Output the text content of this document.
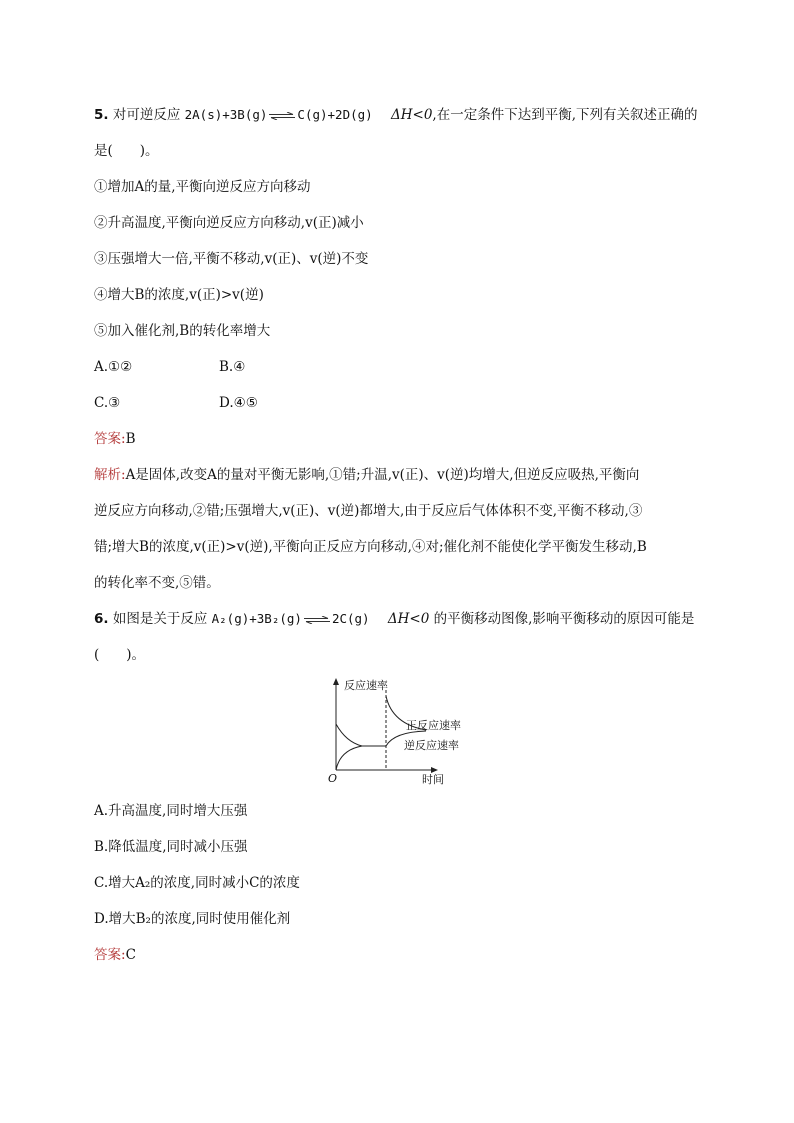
5. 对可逆反应 2A(s)+3B(g) ⇌ C(g)+2D(g) ΔH<0,在一定条件下达到平衡,下列有关叙述正确的
是(　　)。
①增加A的量,平衡向逆反应方向移动
②升高温度,平衡向逆反应方向移动,v(正)减小
③压强增大一倍,平衡不移动,v(正)、v(逆)不变
④增大B的浓度,v(正)>v(逆)
⑤加入催化剂,B的转化率增大
A.①②	B.④
C.③	D.④⑤
答案:B
解析:A是固体,改变A的量对平衡无影响,①错;升温,v(正)、v(逆)均增大,但逆反应吸热,平衡向
逆反应方向移动,②错;压强增大,v(正)、v(逆)都增大,由于反应后气体体积不变,平衡不移动,③
错;增大B的浓度,v(正)>v(逆),平衡向正反应方向移动,④对;催化剂不能使化学平衡发生移动,B
的转化率不变,⑤错。
6. 如图是关于反应 A₂(g)+3B₂(g) ⇌ 2C(g) ΔH<0 的平衡移动图像,影响平衡移动的原因可能是
(　　)。
反应速率
正反应速率
逆反应速率
O	时间
A.升高温度,同时增大压强
B.降低温度,同时减小压强
C.增大A₂的浓度,同时减小C的浓度
D.增大B₂的浓度,同时使用催化剂
答案:C
